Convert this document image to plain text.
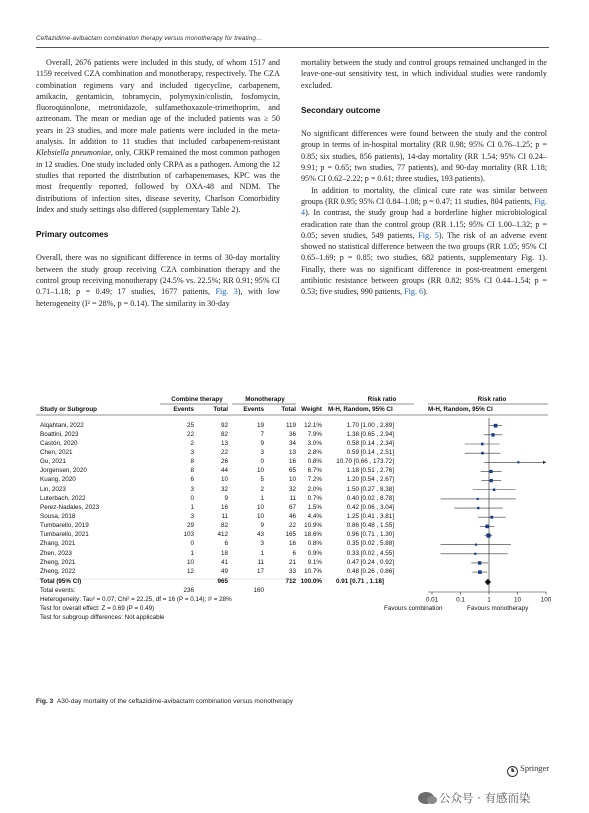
Ceftazidime-avibactam combination therapy versus monotherapy for treating…

Overall, 2676 patients were included in this study, of whom 1517 and 1159 received CZA combination and monotherapy, respectively. The CZA combination regimens vary and included tigecycline, carbapenem, amikacin, gentamicin, tobramycin, polymyxin/colistin, fosfomycin, fluoroquinolone, metronidazole, sulfamethoxazole-trimethoprim, and aztreonam. The mean or median age of the included patients was ≥ 50 years in 23 studies, and more male patients were included in the meta-analysis. In addition to 11 studies that included carbapenem-resistant Klebsiella pneumoniae, only, CRKP remained the most common pathogen in 12 studies. One study included only CRPA as a pathogen. Among the 12 studies that reported the distribution of carbapenemases, KPC was the most frequently reported, followed by OXA-48 and NDM. The distributions of infection sites, disease severity, Charlson Comorbidity Index and study settings also differed (supplementary Table 2).

Primary outcomes

Overall, there was no significant difference in terms of 30-day mortality between the study group receiving CZA combination therapy and the control group receiving monotherapy (24.5% vs. 22.5%; RR 0.91; 95% CI 0.71–1.18; p = 0.49; 17 studies, 1677 patients, Fig. 3), with low heterogeneity (I² = 28%, p = 0.14). The similarity in 30-day

mortality between the study and control groups remained unchanged in the leave-one-out sensitivity test, in which individual studies were randomly excluded.

Secondary outcome

No significant differences were found between the study and the control group in terms of in-hospital mortality (RR 0.98; 95% CI 0.76–1.25; p = 0.85; six studies, 856 patients), 14-day mortality (RR 1.54; 95% CI 0.24–9.91; p = 0.65; two studies, 77 patients), and 90-day mortality (RR 1.18; 95% CI 0.62–2.22; p = 0.61; three studies, 193 patients).

In addition to mortality, the clinical cure rate was similar between groups (RR 0.95; 95% CI 0.84–1.08; p = 0.47; 11 studies, 804 patients, Fig. 4). In contrast, the study group had a borderline higher microbiological eradication rate than the control group (RR 1.15; 95% CI 1.00–1.32; p = 0.05; seven studies, 549 patients, Fig. 5). The risk of an adverse event showed no statistical difference between the two groups (RR 1.05; 95% CI 0.65–1.69; p = 0.85; two studies, 682 patients, supplementary Fig. 1). Finally, there was no significant difference in post-treatment emergent antibiotic resistance between groups (RR 0.82; 95% CI 0.44–1.54; p = 0.53; five studies, 990 patients, Fig. 6).

0.01	0.1	1	10	100
Combine therapy	Monotherapy	Risk ratio	Risk ratio
Study or Subgroup	Events	Total	Events	Total Weight M-H, Random, 95% CI	M-H, Random, 95% CI
Alqahtani, 2022	25	92	19	119	12.1%	1.70 [1.00 , 2.89]
Boattini, 2023	22	82	7	36	7.9%	1.38 [0.65 , 2.94]
Castón, 2020	2	13	9	34	3.0%	0.58 [0.14 , 2.34]
Chen, 2021	3	22	3	13	2.8%	0.59 [0.14 , 2.51]
Gu, 2021	8	26	0	16	0.8%	10.70 [0.66 , 173.72]
Jorgensen, 2020	8	44	10	65	6.7%	1.18 [0.51 , 2.76]
Kuang, 2020	6	10	5	10	7.2%	1.20 [0.54 , 2.67]
Lin, 2023	3	32	2	32	2.0%	1.50 [0.27 , 8.38]
Luterbach, 2022	0	9	1	11	0.7%	0.40 [0.02 , 8.78]
Perez-Nadales, 2023	1	16	10	67	1.5%	0.42 [0.06 , 3.04]
Sousa, 2018	3	11	10	46	4.4%	1.25 [0.41 , 3.81]
Tumbarello, 2019	29	82	9	22	10.9%	0.86 [0.48 , 1.55]
Tumbarello, 2021	103	412	43	165	18.6%	0.96 [0.71 , 1.30]
Zhang, 2021	0	6	3	16	0.8%	0.35 [0.02 , 5.88]
Zhen, 2023	1	18	1	6	0.9%	0.33 [0.02 , 4.55]
Zheng, 2021	10	41	11	21	9.1%	0.47 [0.24 , 0.92]
Zheng, 2022	12	49	17	33	10.7%	0.48 [0.26 , 0.86]
Total (95% CI)	965	712 100.0% 0.91 [0.71 , 1.18]
Total events:	236	160
Heterogeneity: Tau² = 0.07; Chi² = 22.25, df = 16 (P = 0.14); I² = 28%
Test for overall effect: Z = 0.69 (P = 0.49)
Test for subgroup differences: Not applicable
Favours combination	Favours monotherapy
Fig. 3 A30-day mortality of the ceftazidime-avibactam combination versus monotherapy
♞ Springer
公众号 · 有感而染
